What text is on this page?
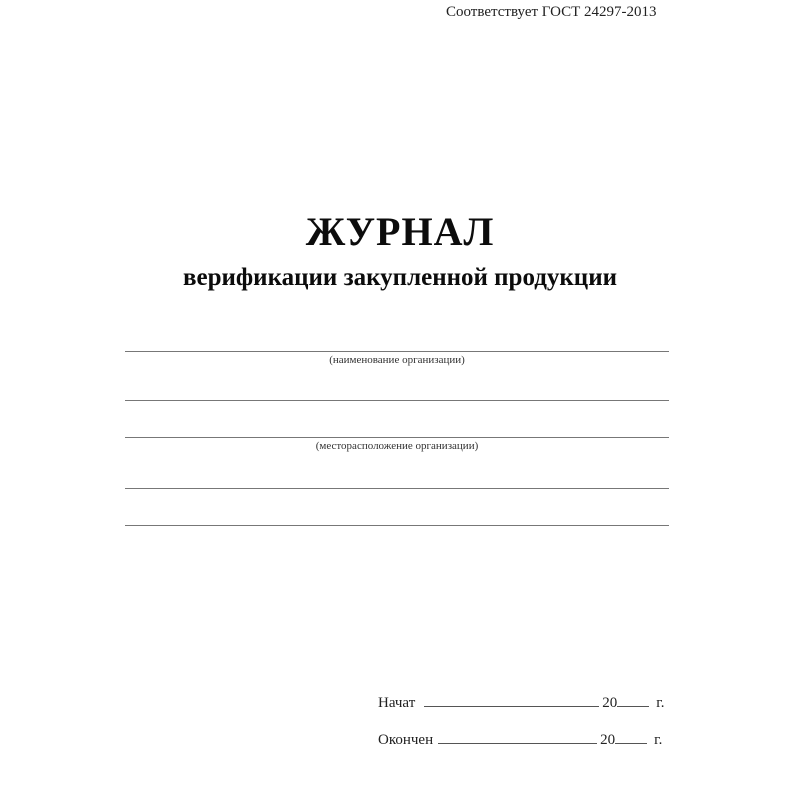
Соответствует ГОСТ 24297-2013
ЖУРНАЛ
верификации закупленной продукции
(наименование организации)
(месторасположение организации)
Начат	20	г.
Окончен	20	г.
